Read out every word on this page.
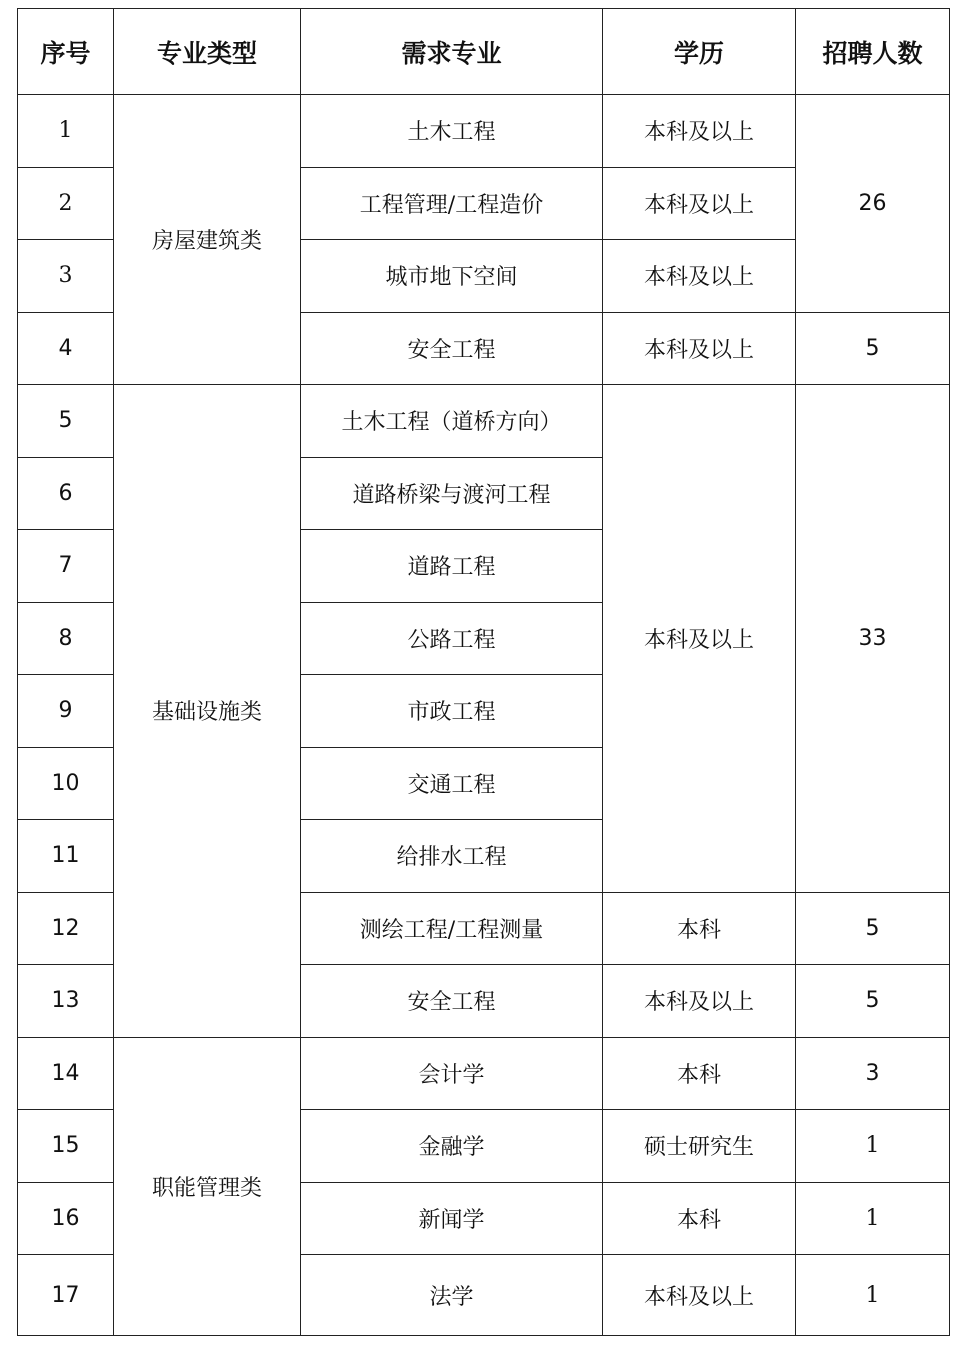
序号	专业类型	需求专业	学历	招聘人数
1	房屋建筑类	土木工程	本科及以上	26
2		工程管理/工程造价	本科及以上	
3		城市地下空间	本科及以上	
4		安全工程	本科及以上	5
5	基础设施类	土木工程（道桥方向）	本科及以上	33
6		道路桥梁与渡河工程		
7		道路工程		
8		公路工程		
9		市政工程		
10		交通工程		
11		给排水工程		
12		测绘工程/工程测量	本科	5
13		安全工程	本科及以上	5
14	职能管理类	会计学	本科	3
15		金融学	硕士研究生	1
16		新闻学	本科	1
17		法学	本科及以上	1
